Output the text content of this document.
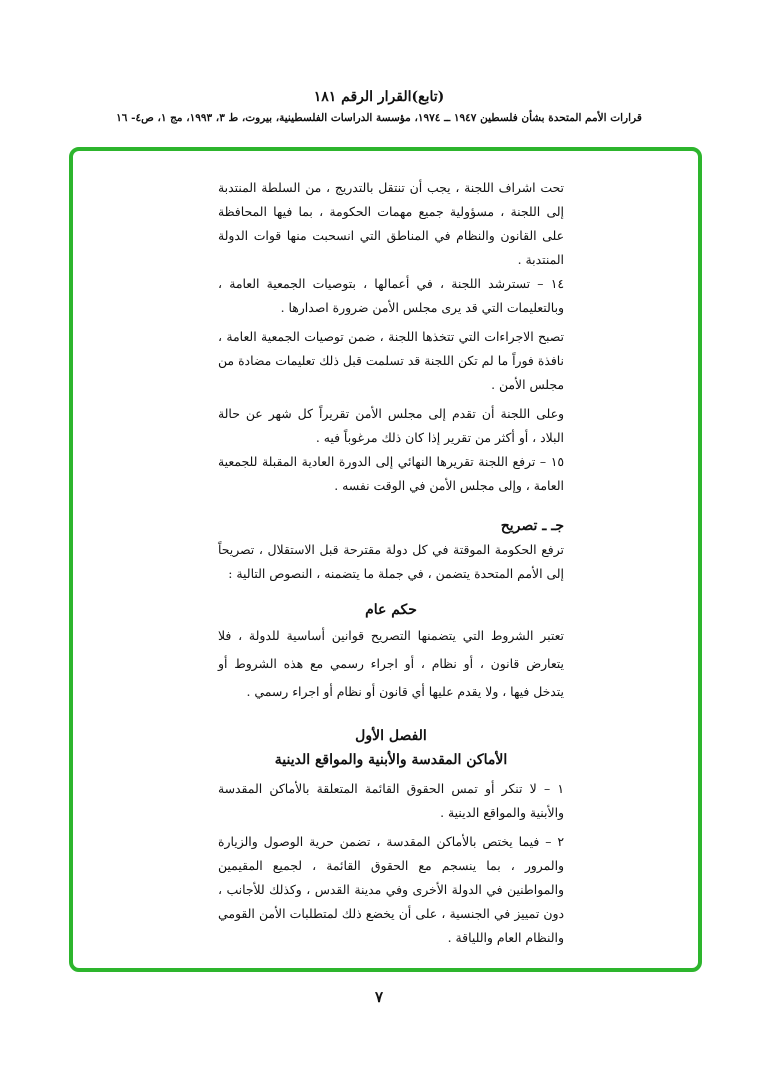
(تابع)القرار الرقم ١٨١
قرارات الأمم المتحدة بشأن فلسطين ١٩٤٧ ــ ١٩٧٤، مؤسسة الدراسات الفلسطينية، بيروت، ط ٣، ١٩٩٣، مج ١، ص٤- ١٦

تحت اشراف اللجنة ، يجب أن تنتقل بالتدريج ، من السلطة المنتدبة إلى اللجنة ، مسؤولية جميع مهمات الحكومة ، بما فيها المحافظة على القانون والنظام في المناطق التي انسحبت منها قوات الدولة المنتدبة .

١٤ – تسترشد اللجنة ، في أعمالها ، بتوصيات الجمعية العامة ، وبالتعليمات التي قد يرى مجلس الأمن ضرورة اصدارها .

تصبح الاجراءات التي تتخذها اللجنة ، ضمن توصيات الجمعية العامة ، نافذة فوراً ما لم تكن اللجنة قد تسلمت قبل ذلك تعليمات مضادة من مجلس الأمن .

وعلى اللجنة أن تقدم إلى مجلس الأمن تقريراً كل شهر عن حالة البلاد ، أو أكثر من تقرير إذا كان ذلك مرغوباً فيه .

١٥ – ترفع اللجنة تقريرها النهائي إلى الدورة العادية المقبلة للجمعية العامة ، وإلى مجلس الأمن في الوقت نفسه .

جـ ـ تصريح

ترفع الحكومة الموقتة في كل دولة مقترحة قبل الاستقلال ، تصريحاً إلى الأمم المتحدة يتضمن ، في جملة ما يتضمنه ، النصوص التالية :

حكم عام

تعتبر الشروط التي يتضمنها التصريح قوانين أساسية للدولة ، فلا يتعارض قانون ، أو نظام ، أو اجراء رسمي مع هذه الشروط أو يتدخل فيها ، ولا يقدم عليها أي قانون أو نظام أو اجراء رسمي .

الفصل الأول

الأماكن المقدسة والأبنية والمواقع الدينية

١ – لا تنكر أو تمس الحقوق القائمة المتعلقة بالأماكن المقدسة والأبنية والمواقع الدينية .

٢ – فيما يختص بالأماكن المقدسة ، تضمن حرية الوصول والزيارة والمرور ، بما ينسجم مع الحقوق القائمة ، لجميع المقيمين والمواطنين في الدولة الأخرى وفي مدينة القدس ، وكذلك للأجانب ، دون تمييز في الجنسية ، على أن يخضع ذلك لمتطلبات الأمن القومي والنظام العام واللياقة .

٧
